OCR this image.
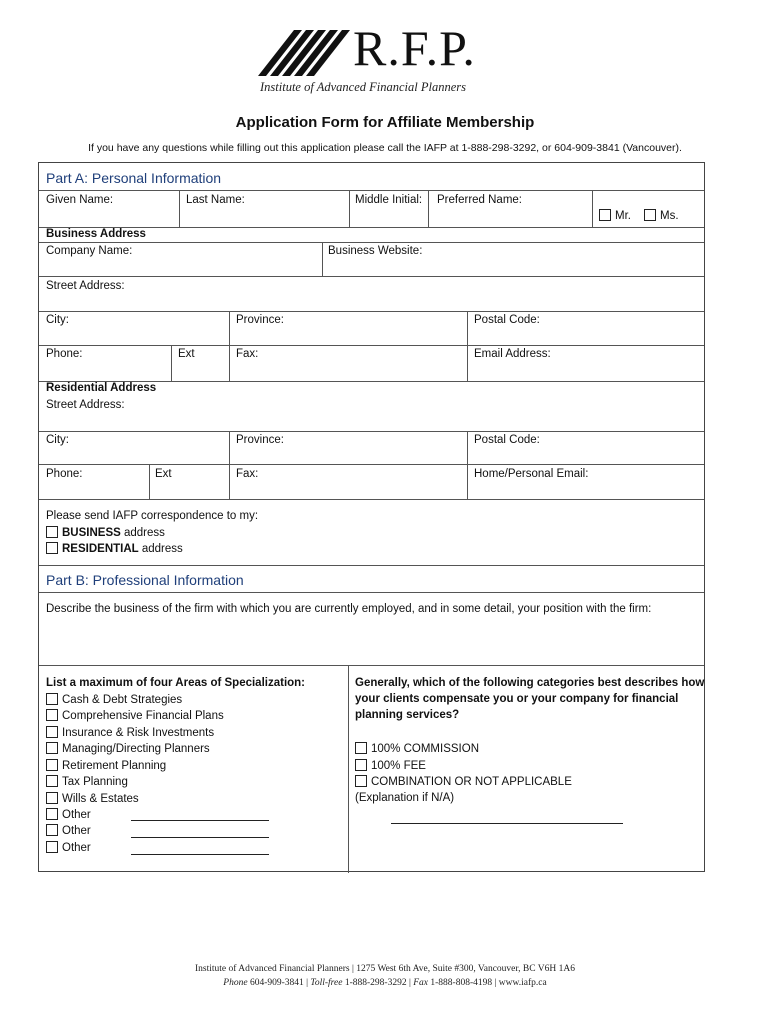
R.F.P.
Institute of Advanced Financial Planners
Application Form for Affiliate Membership
If you have any questions while filling out this application please call the IAFP at 1-888-298-3292, or 604-909-3841 (Vancouver).
Part A: Personal Information
Given Name:	Last Name:	Middle Initial: Preferred Name:
Mr.	Ms.
Business Address
Company Name:	Business Website:
Street Address:
City:	Province:	Postal Code:
Phone:	Ext	Fax:	Email Address:
Residential Address
Street Address:
City:	Province:	Postal Code:
Phone:	Ext	Fax:	Home/Personal Email:
Please send IAFP correspondence to my:
BUSINESS address
RESIDENTIAL address
Part B: Professional Information
Describe the business of the firm with which you are currently employed, and in some detail, your position with the firm:
List a maximum of four Areas of Specialization:
Cash & Debt Strategies
Comprehensive Financial Plans
Insurance & Risk Investments
Managing/Directing Planners
Retirement Planning
Tax Planning
Wills & Estates
Other
Other
Other
Generally, which of the following categories best describes how
your clients compensate you or your company for financial
planning services?
100% COMMISSION
100% FEE
COMBINATION OR NOT APPLICABLE
(Explanation if N/A)
Institute of Advanced Financial Planners | 1275 West 6th Ave, Suite #300, Vancouver, BC V6H 1A6
Phone 604-909-3841 | Toll-free 1-888-298-3292 | Fax 1-888-808-4198 | www.iafp.ca
